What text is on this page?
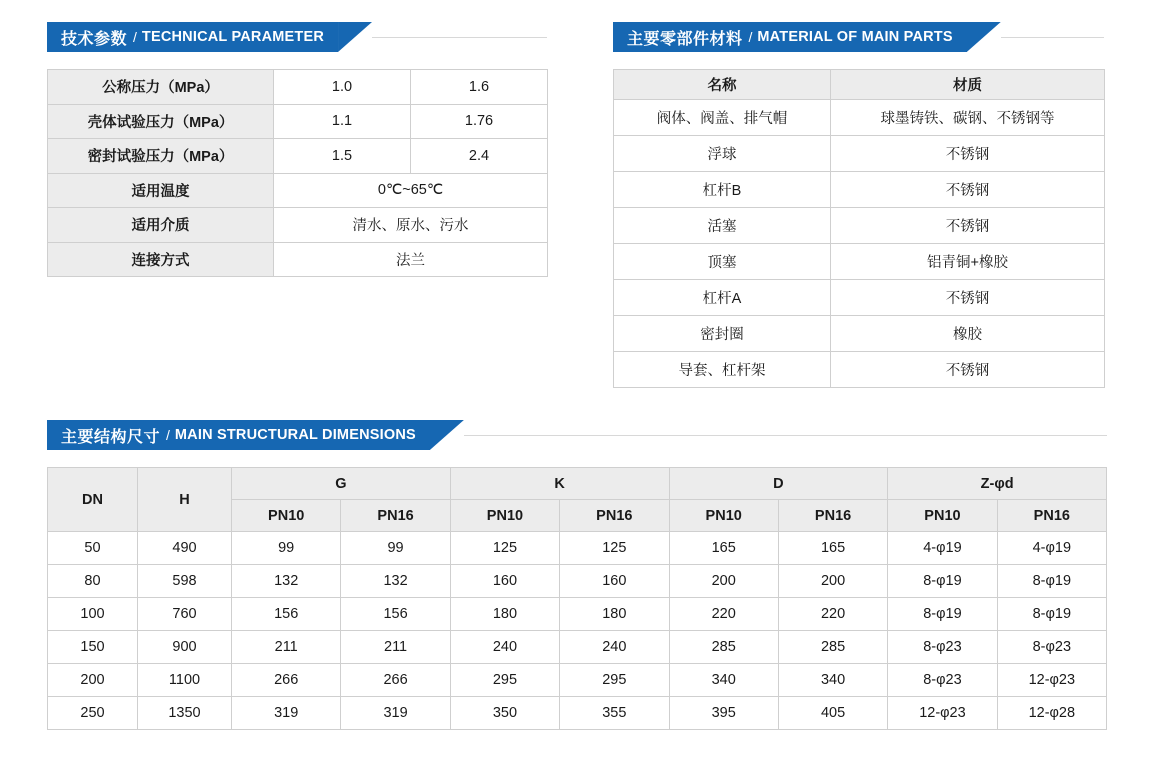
技术参数 / TECHNICAL PARAMETER
公称压力（MPa）	1.0	1.6
壳体试验压力（MPa）	1.1	1.76
密封试验压力（MPa）	1.5	2.4
适用温度	0℃~65℃	
适用介质	清水、原水、污水	
连接方式	法兰	
主要零部件材料 / MATERIAL OF MAIN PARTS
名称	材质
阀体、阀盖、排气帽	球墨铸铁、碳钢、不锈钢等
浮球	不锈钢
杠杆B	不锈钢
活塞	不锈钢
顶塞	铝青铜+橡胶
杠杆A	不锈钢
密封圈	橡胶
导套、杠杆架	不锈钢
主要结构尺寸 / MAIN STRUCTURAL DIMENSIONS
DN	H	G		K		D		Z-φd	
		PN10	PN16	PN10	PN16	PN10	PN16	PN10	PN16
50	490	99	99	125	125	165	165	4-φ19	4-φ19
80	598	132	132	160	160	200	200	8-φ19	8-φ19
100	760	156	156	180	180	220	220	8-φ19	8-φ19
150	900	211	211	240	240	285	285	8-φ23	8-φ23
200	1100	266	266	295	295	340	340	8-φ23	12-φ23
250	1350	319	319	350	355	395	405	12-φ23	12-φ28
